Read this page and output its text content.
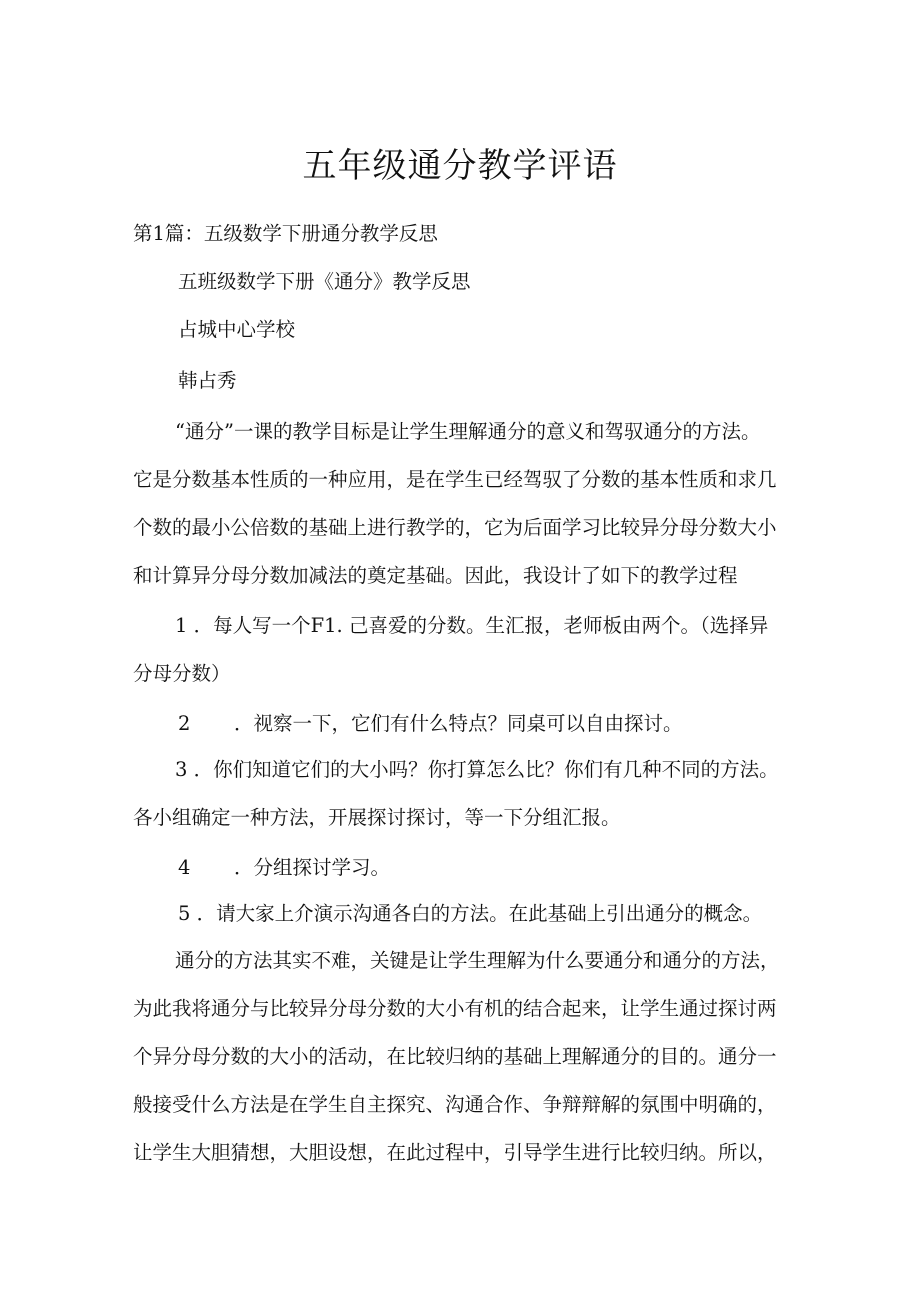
五年级通分教学评语
第1篇：五级数学下册通分教学反思
五班级数学下册《通分》教学反思
占城中心学校
韩占秀
“通分”一课的教学目标是让学生理解通分的意义和驾驭通分的方法。
它是分数基本性质的一种应用，是在学生已经驾驭了分数的基本性质和求几
个数的最小公倍数的基础上进行教学的，它为后面学习比较异分母分数大小
和计算异分母分数加减法的奠定基础。因此，我设计了如下的教学过程
1 ．每人写一个F1. 己喜爱的分数。生汇报，老师板由两个。（选择异
分母分数）
2 ．视察一下，它们有什么特点？同桌可以自由探讨。
3 ．你们知道它们的大小吗？你打算怎么比？你们有几种不同的方法。
各小组确定一种方法，开展探讨探讨，等一下分组汇报。
4 ．分组探讨学习。
5 ．请大家上介演示沟通各白的方法。在此基础上引出通分的概念。
通分的方法其实不难，关键是让学生理解为什么要通分和通分的方法，
为此我将通分与比较异分母分数的大小有机的结合起来，让学生通过探讨两
个异分母分数的大小的活动，在比较归纳的基础上理解通分的目的。通分一
般接受什么方法是在学生自主探究、沟通合作、争辩辩解的氛围中明确的，
让学生大胆猜想，大胆设想，在此过程中，引导学生进行比较归纳。所以，
